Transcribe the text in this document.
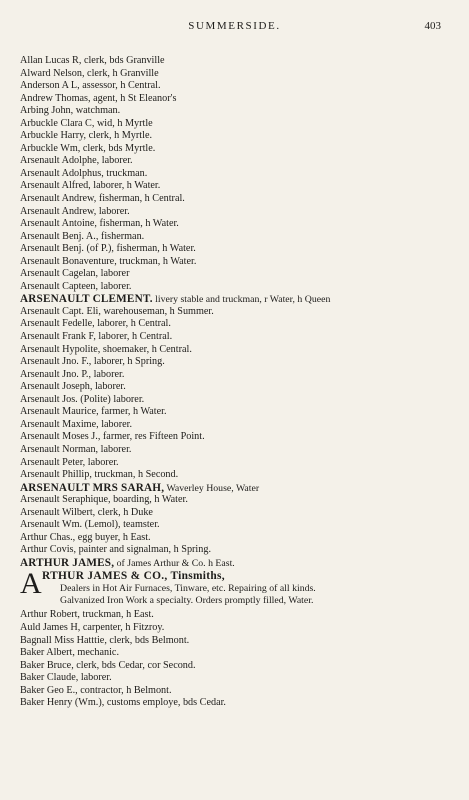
SUMMERSIDE.	403
Allan Lucas R, clerk, bds Granville
Alward Nelson, clerk, h Granville
Anderson A L, assessor, h Central.
Andrew Thomas, agent, h St Eleanor's
Arbing John, watchman.
Arbuckle Clara C, wid, h Myrtle
Arbuckle Harry, clerk, h Myrtle.
Arbuckle Wm, clerk, bds Myrtle.
Arsenault Adolphe, laborer.
Arsenault Adolphus, truckman.
Arsenault Alfred, laborer, h Water.
Arsenault Andrew, fisherman, h Central.
Arsenault Andrew, laborer.
Arsenault Antoine, fisherman, h Water.
Arsenault Benj. A., fisherman.
Arsenault Benj. (of P.), fisherman, h Water.
Arsenault Bonaventure, truckman, h Water.
Arsenault Cagelan, laborer
Arsenault Capteen, laborer.
ARSENAULT CLEMENT. livery stable and truckman, r Water, h Queen
Arsenault Capt. Eli, warehouseman, h Summer.
Arsenault Fedelle, laborer, h Central.
Arsenault Frank F, laborer, h Central.
Arsenault Hypolite, shoemaker, h Central.
Arsenault Jno. F., laborer, h Spring.
Arsenault Jno. P., laborer.
Arsenault Joseph, laborer.
Arsenault Jos. (Polite) laborer.
Arsenault Maurice, farmer, h Water.
Arsenault Maxime, laborer.
Arsenault Moses J., farmer, res Fifteen Point.
Arsenault Norman, laborer.
Arsenault Peter, laborer.
Arsenault Phillip, truckman, h Second.
ARSENAULT MRS SARAH, Waverley House, Water
Arsenault Seraphique, boarding, h Water.
Arsenault Wilbert, clerk, h Duke
Arsenault Wm. (Lemol), teamster.
Arthur Chas., egg buyer, h East.
Arthur Covis, painter and signalman, h Spring.
ARTHUR JAMES, of James Arthur & Co. h East.
A RTHUR JAMES & CO., Tinsmiths,
Dealers in Hot Air Furnaces, Tinware, etc. Repairing of all kinds.
Galvanized Iron Work a specialty. Orders promptly filled, Water.
Arthur Robert, truckman, h East.
Auld James H, carpenter, h Fitzroy.
Bagnall Miss Hatttie, clerk, bds Belmont.
Baker Albert, mechanic.
Baker Bruce, clerk, bds Cedar, cor Second.
Baker Claude, laborer.
Baker Geo E., contractor, h Belmont.
Baker Henry (Wm.), customs employe, bds Cedar.
